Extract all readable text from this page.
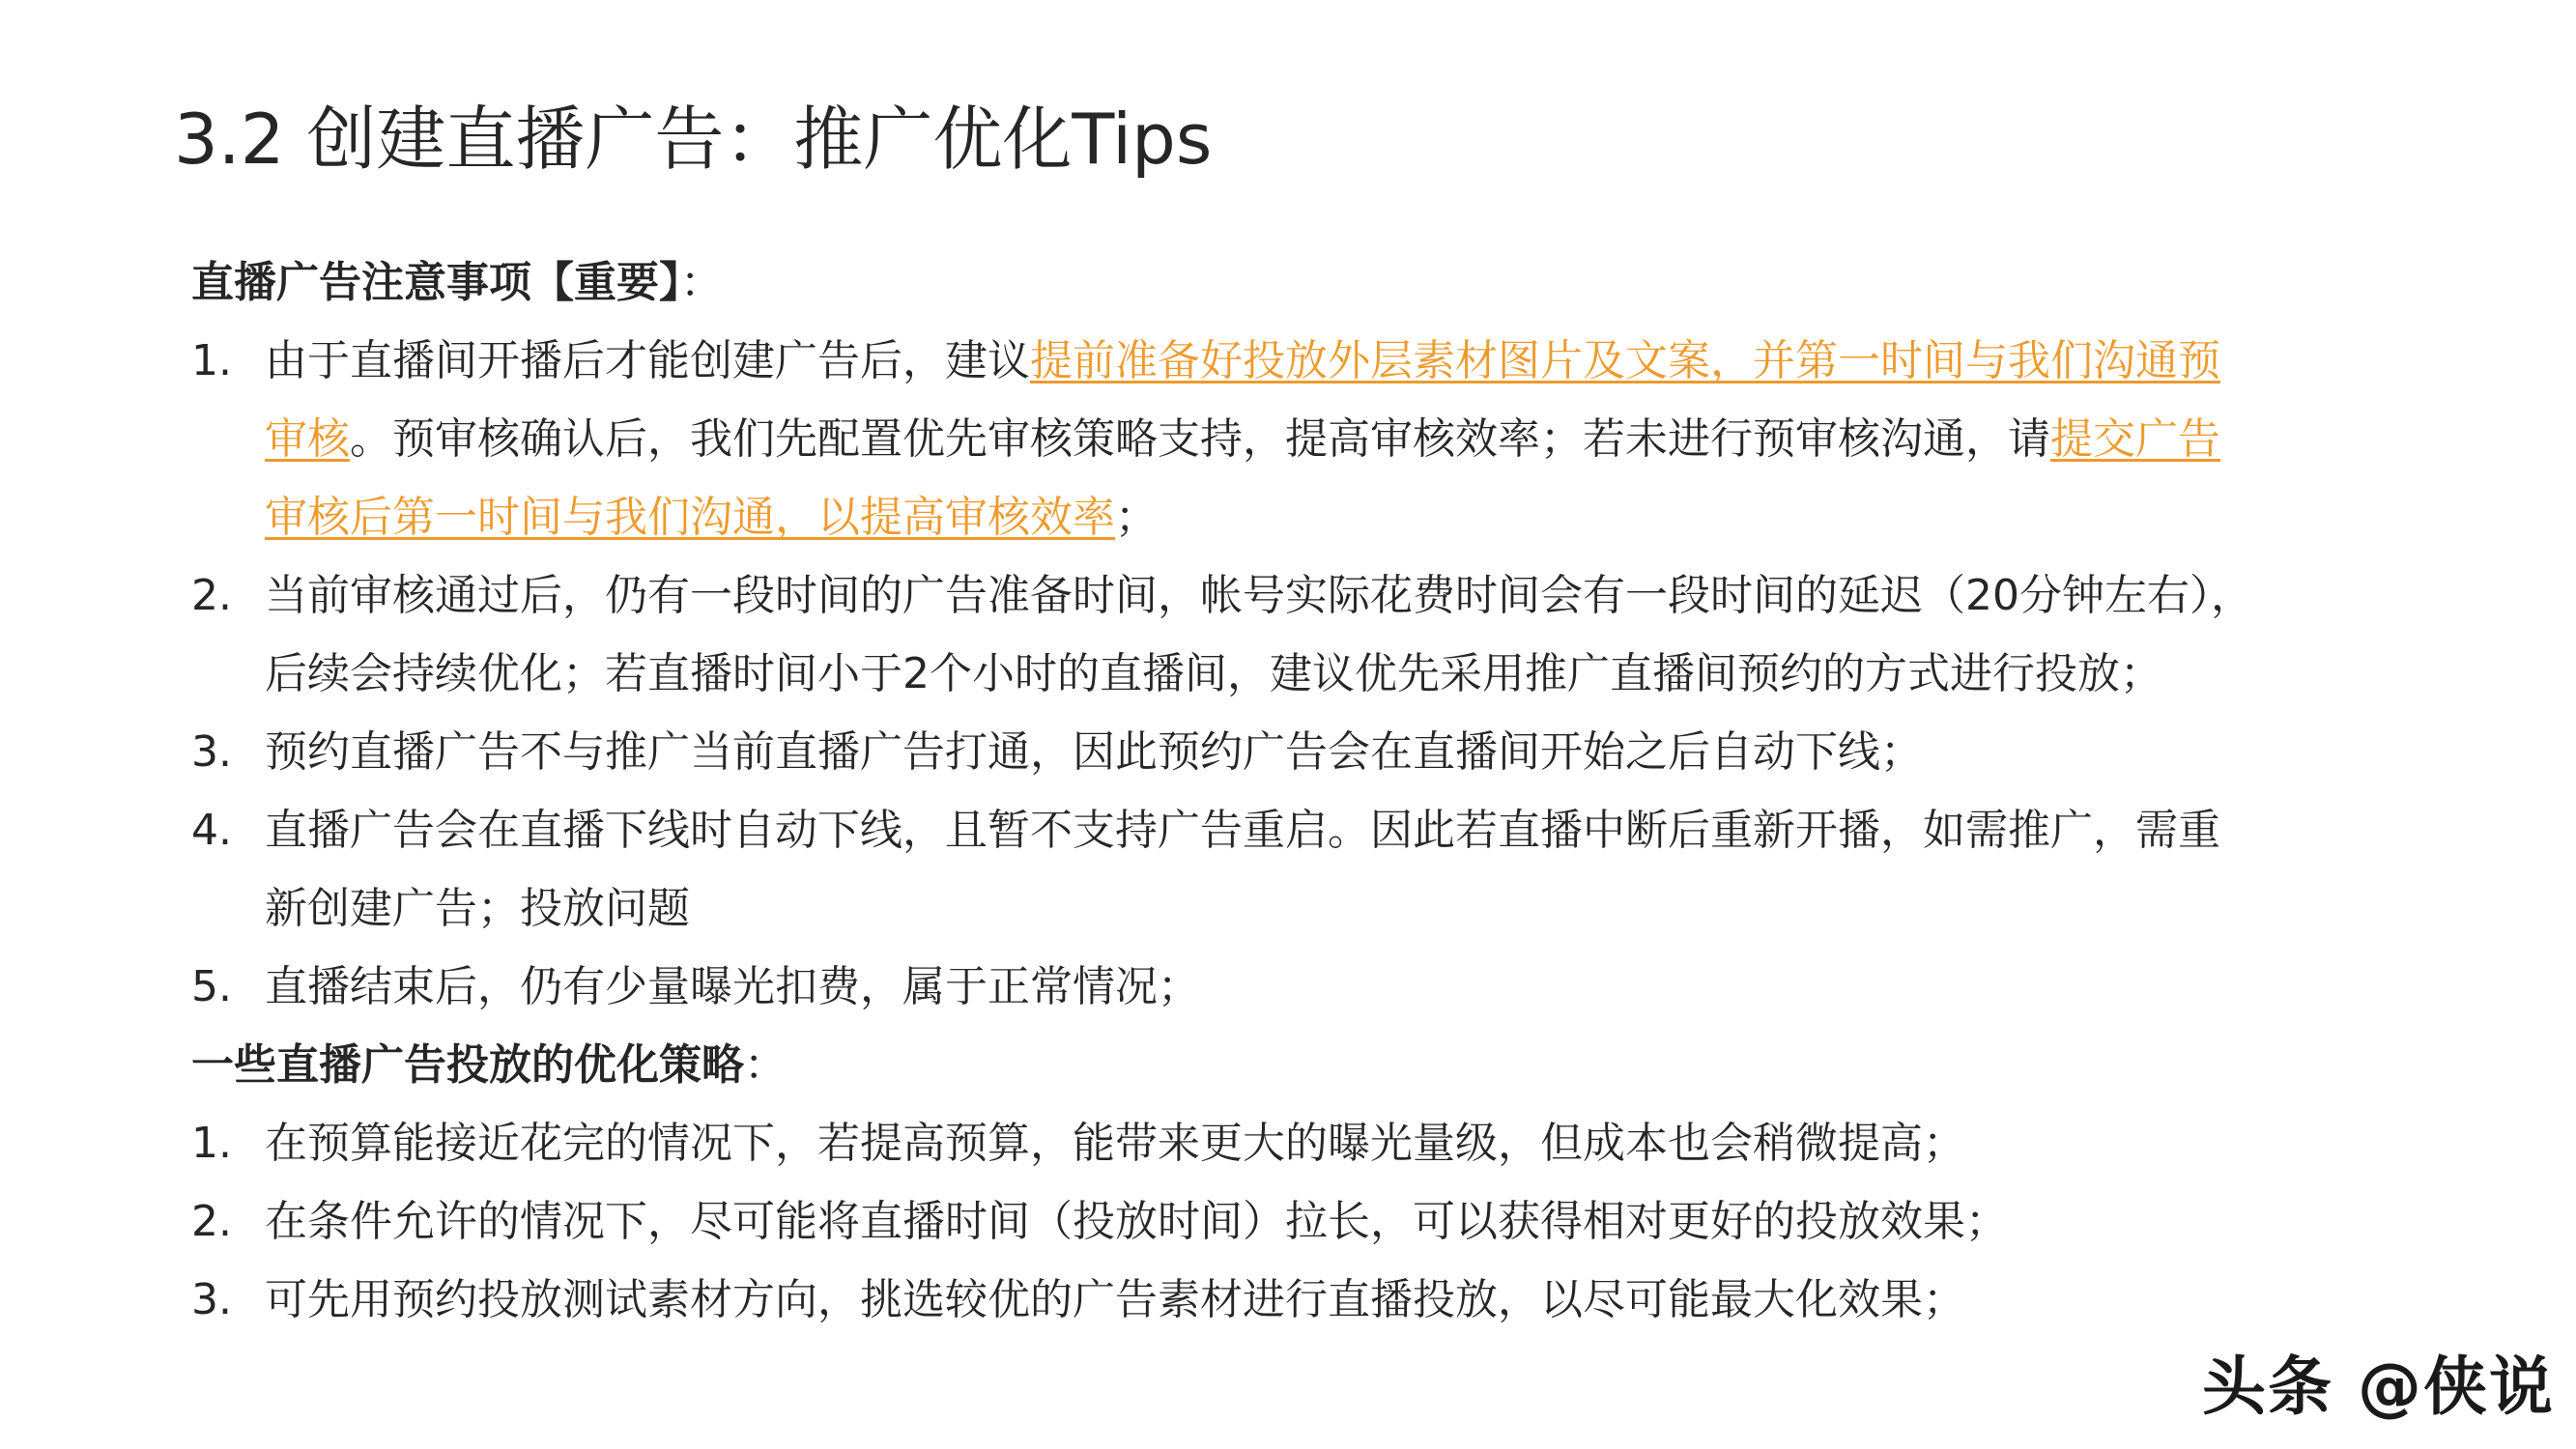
3.2 创建直播广告：推广优化Tips
直播广告注意事项【重要】：
1. 由于直播间开播后才能创建广告后，建议提前准备好投放外层素材图片及文案，并第一时间与我们沟通预
审核。预审核确认后，我们先配置优先审核策略支持，提高审核效率；若未进行预审核沟通，请提交广告
审核后第一时间与我们沟通，以提高审核效率；
2. 当前审核通过后，仍有一段时间的广告准备时间，帐号实际花费时间会有一段时间的延迟（20分钟左右），
后续会持续优化；若直播时间小于2个小时的直播间，建议优先采用推广直播间预约的方式进行投放；
3. 预约直播广告不与推广当前直播广告打通，因此预约广告会在直播间开始之后自动下线；
4. 直播广告会在直播下线时自动下线，且暂不支持广告重启。因此若直播中断后重新开播，如需推广，需重
新创建广告；投放问题
5. 直播结束后，仍有少量曝光扣费，属于正常情况；
一些直播广告投放的优化策略：
1. 在预算能接近花完的情况下，若提高预算，能带来更大的曝光量级，但成本也会稍微提高；
2. 在条件允许的情况下，尽可能将直播时间（投放时间）拉长，可以获得相对更好的投放效果；
3. 可先用预约投放测试素材方向，挑选较优的广告素材进行直播投放，以尽可能最大化效果；
头条 @侠说
